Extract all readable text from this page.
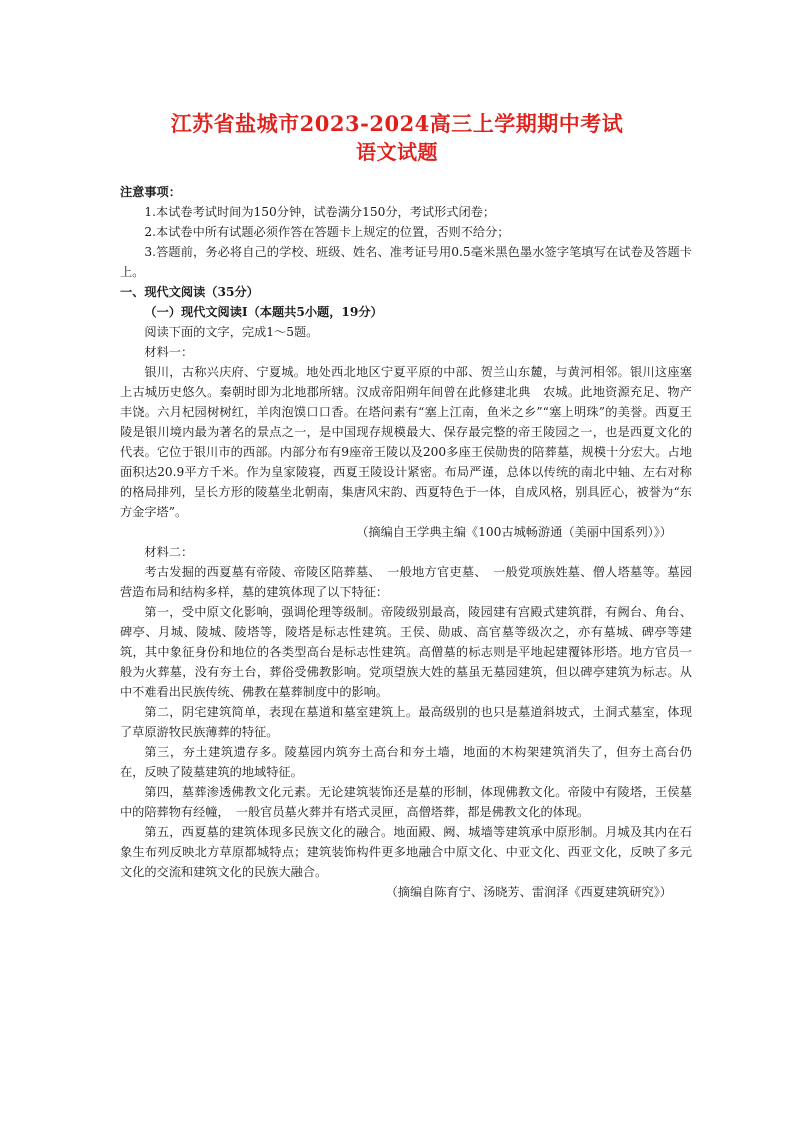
江苏省盐城市2023-2024高三上学期期中考试
语文试题

注意事项：

1.本试卷考试时间为150分钟，试卷满分150分，考试形式闭卷；

2.本试卷中所有试题必须作答在答题卡上规定的位置，否则不给分；

3.答题前，务必将自己的学校、班级、姓名、准考证号用0.5毫米黑色墨水签字笔填写在试卷及答题卡上。

一、现代文阅读（35分）

（一）现代文阅读Ⅰ（本题共5小题，19分）

阅读下面的文字，完成1～5题。

材料一：

银川，古称兴庆府、宁夏城。地处西北地区宁夏平原的中部、贺兰山东麓，与黄河相邻。银川这座塞上古城历史悠久。秦朝时即为北地郡所辖。汉成帝阳朔年间曾在此修建北典　农城。此地资源充足、物产丰饶。六月杞园树树红，羊肉泡馍口口香。在塔问素有“塞上江南，鱼米之乡”“塞上明珠”的美誉。西夏王陵是银川境内最为著名的景点之一，是中国现存规模最大、保存最完整的帝王陵园之一，也是西夏文化的代表。它位于银川市的西部。内部分布有9座帝王陵以及200多座王侯勋贵的陪葬墓，规模十分宏大。占地面积达20.9平方千米。作为皇家陵寝，西夏王陵设计紧密。布局严谨，总体以传统的南北中轴、左右对称的格局排列，呈长方形的陵墓坐北朝南，集唐风宋韵、西夏特色于一体，自成风格，别具匠心，被誉为“东方金字塔”。

（摘编自王学典主编《100古城畅游通（美丽中国系列）》）

材料二：

考古发掘的西夏墓有帝陵、帝陵区陪葬墓、　一般地方官吏墓、　一般党项族姓墓、僧人塔墓等。墓园营造布局和结构多样，墓的建筑体现了以下特征：

第一，受中原文化影响，强调伦理等级制。帝陵级别最高，陵园建有宫殿式建筑群，有阙台、角台、碑亭、月城、陵城、陵塔等，陵塔是标志性建筑。王侯、勋戚、高官墓等级次之，亦有墓城、碑亭等建筑，其中象征身份和地位的各类型高台是标志性建筑。高僧墓的标志则是平地起建覆钵形塔。地方官员一般为火葬墓，没有夯土台，葬俗受佛教影响。党项望族大姓的墓虽无墓园建筑，但以碑亭建筑为标志。从中不难看出民族传统、佛教在墓葬制度中的影响。

第二，阴宅建筑简单，表现在墓道和墓室建筑上。最高级别的也只是墓道斜坡式，土洞式墓室，体现了草原游牧民族薄葬的特征。

第三，夯土建筑遗存多。陵墓园内筑夯土高台和夯土墙，地面的木构架建筑消失了，但夯土高台仍在，反映了陵墓建筑的地域特征。

第四，墓葬渗透佛教文化元素。无论建筑装饰还是墓的形制，体现佛教文化。帝陵中有陵塔，王侯墓中的陪葬物有经幢，　一般官员墓火葬并有塔式灵匣，高僧塔葬，都是佛教文化的体现。

第五，西夏墓的建筑体现多民族文化的融合。地面殿、阙、城墙等建筑承中原形制。月城及其内在石象生布列反映北方草原都城特点；建筑装饰构件更多地融合中原文化、中亚文化、西亚文化，反映了多元文化的交流和建筑文化的民族大融合。

（摘编自陈育宁、汤晓芳、雷润泽《西夏建筑研究》）
